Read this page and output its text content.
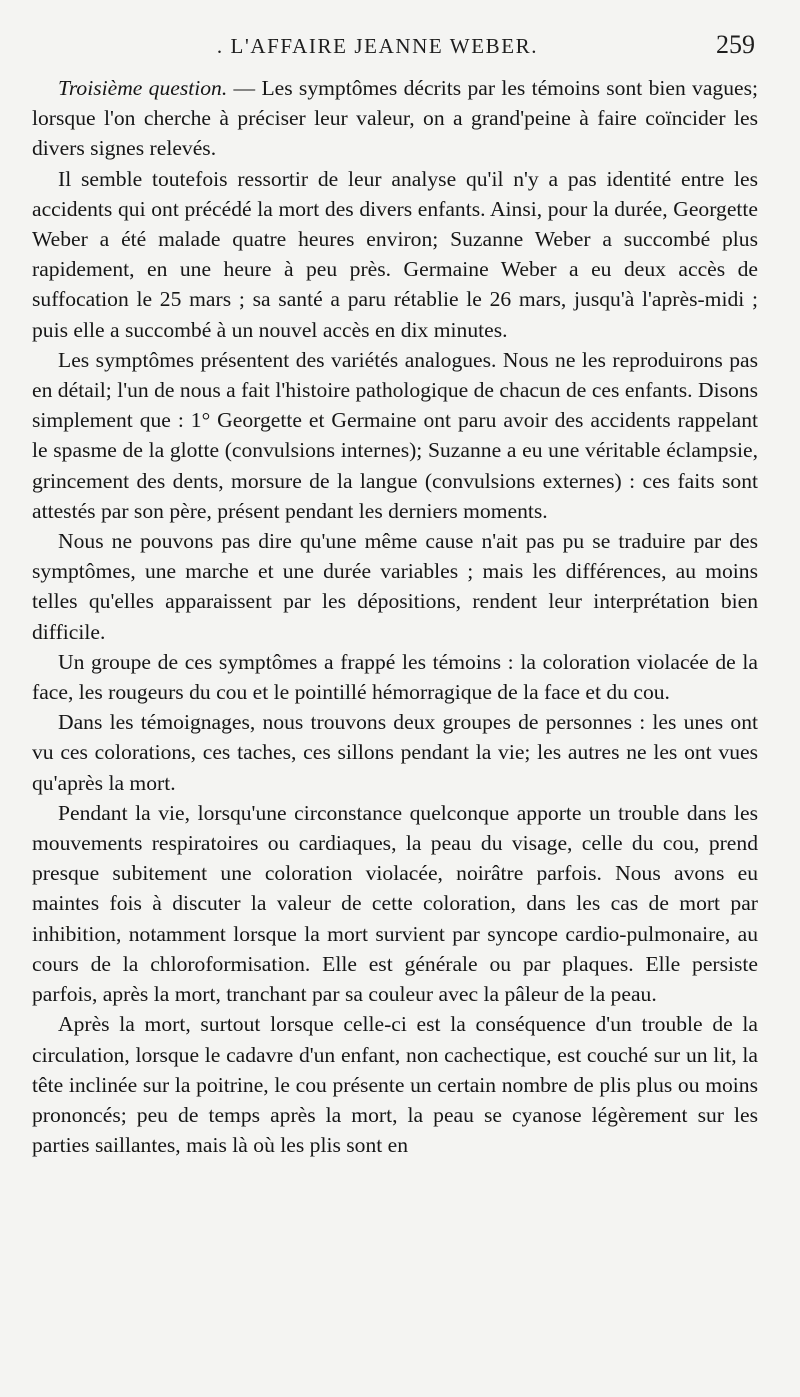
. L'AFFAIRE JEANNE WEBER.	259

Troisième question. — Les symptômes décrits par les témoins sont bien vagues; lorsque l'on cherche à préciser leur valeur, on a grand'peine à faire coïncider les divers signes relevés.

Il semble toutefois ressortir de leur analyse qu'il n'y a pas identité entre les accidents qui ont précédé la mort des divers enfants. Ainsi, pour la durée, Georgette Weber a été malade quatre heures environ; Suzanne Weber a succombé plus rapidement, en une heure à peu près. Germaine Weber a eu deux accès de suffocation le 25 mars ; sa santé a paru rétablie le 26 mars, jusqu'à l'après-midi ; puis elle a succombé à un nouvel accès en dix minutes.

Les symptômes présentent des variétés analogues. Nous ne les reproduirons pas en détail; l'un de nous a fait l'histoire pathologique de chacun de ces enfants. Disons simplement que : 1° Georgette et Germaine ont paru avoir des accidents rappelant le spasme de la glotte (convulsions internes); Suzanne a eu une véritable éclampsie, grincement des dents, morsure de la langue (convulsions externes) : ces faits sont attestés par son père, présent pendant les derniers moments.

Nous ne pouvons pas dire qu'une même cause n'ait pas pu se traduire par des symptômes, une marche et une durée variables ; mais les différences, au moins telles qu'elles apparaissent par les dépositions, rendent leur interprétation bien difficile.

Un groupe de ces symptômes a frappé les témoins : la coloration violacée de la face, les rougeurs du cou et le pointillé hémorragique de la face et du cou.

Dans les témoignages, nous trouvons deux groupes de personnes : les unes ont vu ces colorations, ces taches, ces sillons pendant la vie; les autres ne les ont vues qu'après la mort.

Pendant la vie, lorsqu'une circonstance quelconque apporte un trouble dans les mouvements respiratoires ou cardiaques, la peau du visage, celle du cou, prend presque subitement une coloration violacée, noirâtre parfois. Nous avons eu maintes fois à discuter la valeur de cette coloration, dans les cas de mort par inhibition, notamment lorsque la mort survient par syncope cardio-pulmonaire, au cours de la chloroformisation. Elle est générale ou par plaques. Elle persiste parfois, après la mort, tranchant par sa couleur avec la pâleur de la peau.

Après la mort, surtout lorsque celle-ci est la conséquence d'un trouble de la circulation, lorsque le cadavre d'un enfant, non cachectique, est couché sur un lit, la tête inclinée sur la poitrine, le cou présente un certain nombre de plis plus ou moins prononcés; peu de temps après la mort, la peau se cyanose légèrement sur les parties saillantes, mais là où les plis sont en
